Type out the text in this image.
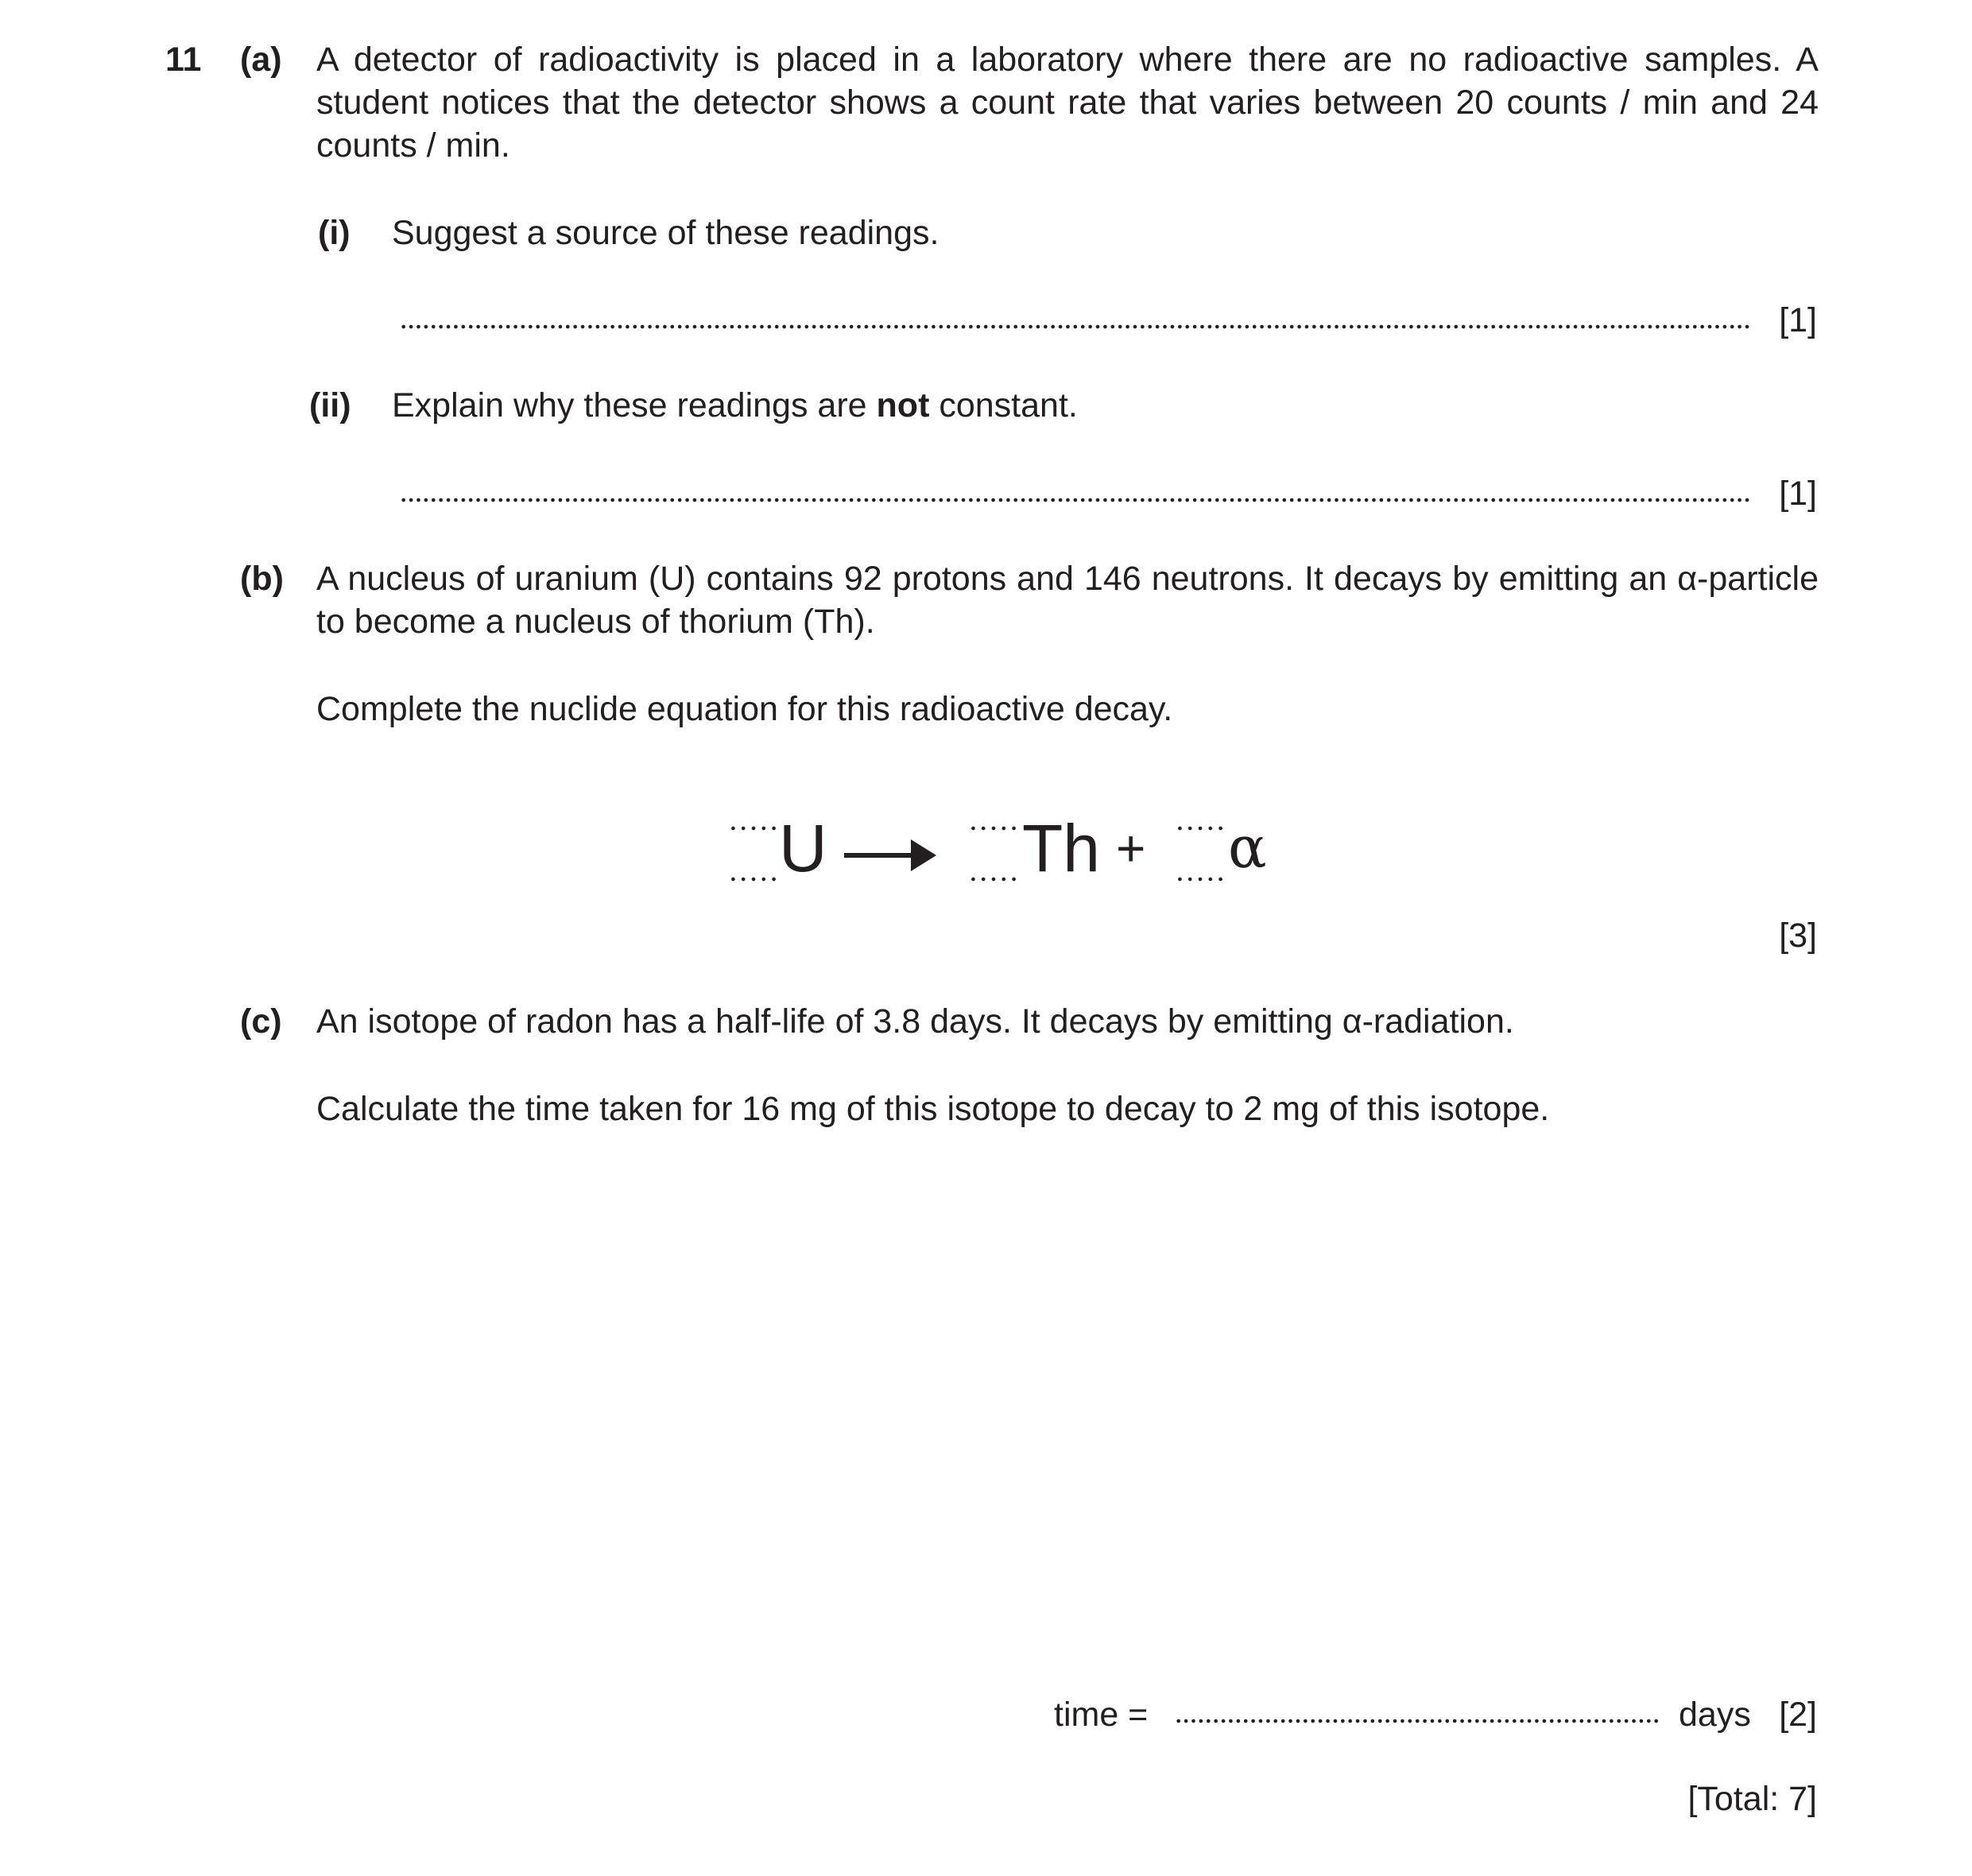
11 (a) A detector of radioactivity is placed in a laboratory where there are no radioactive samples. A student notices that the detector shows a count rate that varies between 20 counts / min and 24 counts / min.
(i) Suggest a source of these readings.
[1]
(ii) Explain why these readings are not constant.
[1]
(b) A nucleus of uranium (U) contains 92 protons and 146 neutrons. It decays by emitting an α-particle to become a nucleus of thorium (Th).
Complete the nuclide equation for this radioactive decay.
U	Th + α
[3]
(c) An isotope of radon has a half-life of 3.8 days. It decays by emitting α-radiation.
Calculate the time taken for 16 mg of this isotope to decay to 2 mg of this isotope.
time =	days [2]
[Total: 7]
